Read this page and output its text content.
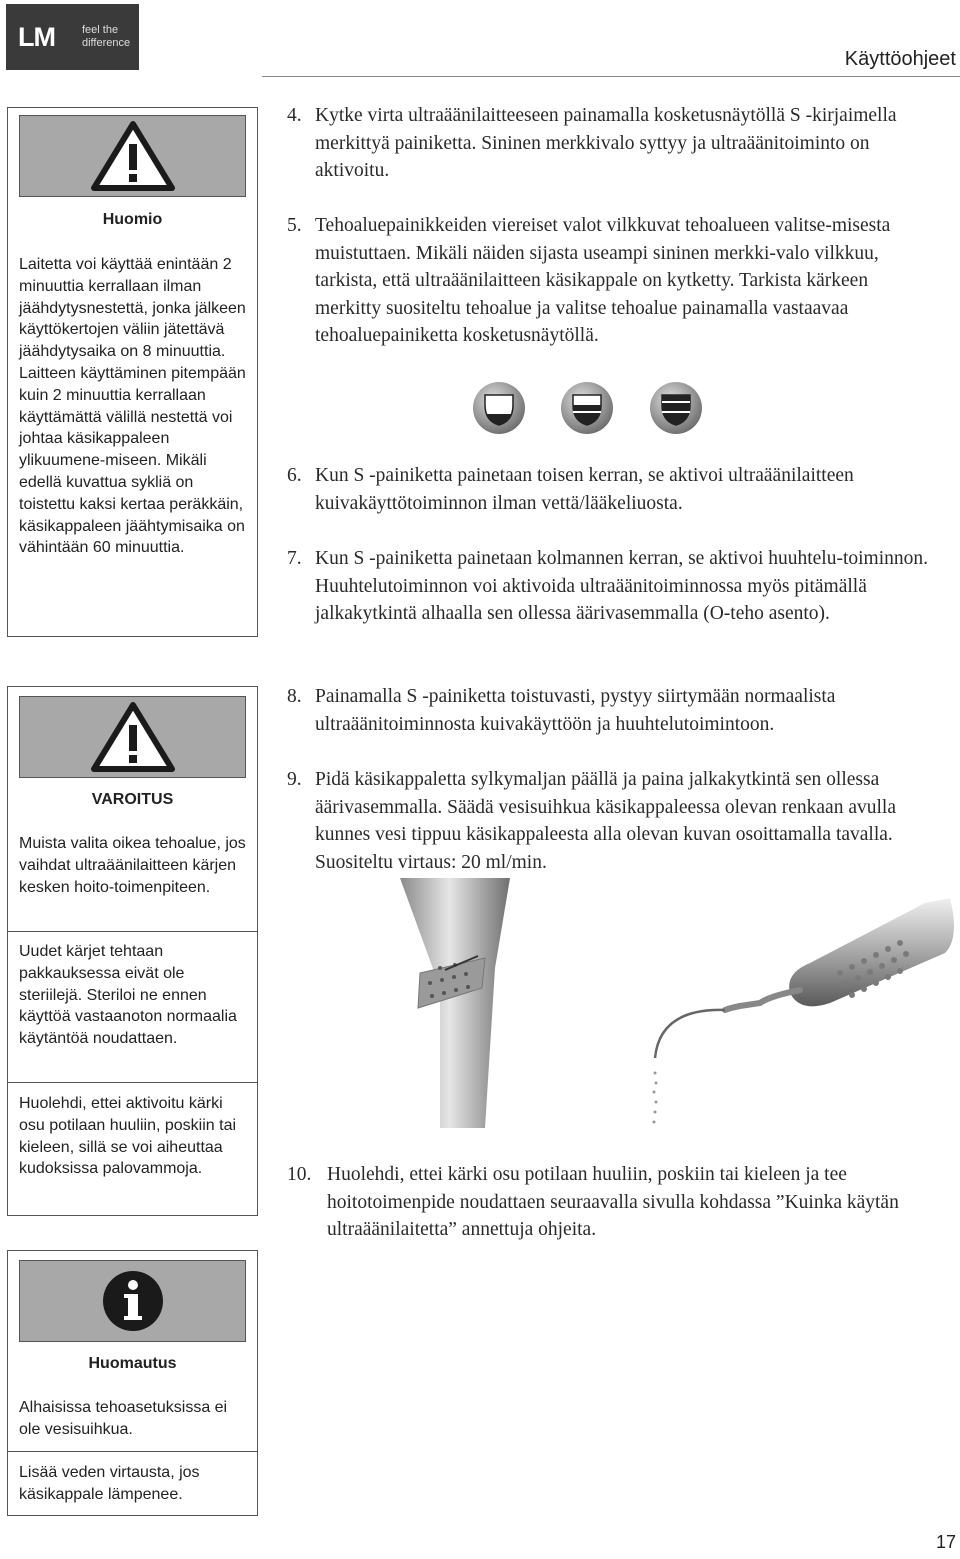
LM	feel the
difference
Käyttöohjeet
Huomio
Laitetta voi käyttää enintään 2 minuuttia kerrallaan ilman jäähdytysnestettä, jonka jälkeen käyttökertojen väliin jätettävä jäähdytysaika on 8 minuuttia. Laitteen käyttäminen pitempään kuin 2 minuuttia kerrallaan käyttämättä välillä nestettä voi johtaa käsikappaleen ylikuumene-miseen. Mikäli edellä kuvattua sykliä on toistettu kaksi kertaa peräkkäin, käsikappaleen jäähtymisaika on vähintään 60 minuuttia.
VAROITUS
Muista valita oikea tehoalue, jos vaihdat ultraäänilaitteen kärjen kesken hoito-toimenpiteen.
Uudet kärjet tehtaan pakkauksessa eivät ole steriilejä. Steriloi ne ennen käyttöä vastaanoton normaalia käytäntöä noudattaen.
Huolehdi, ettei aktivoitu kärki osu potilaan huuliin, poskiin tai kieleen, sillä se voi aiheuttaa kudoksissa palovammoja.
Huomautus
Alhaisissa tehoasetuksissa ei ole vesisuihkua.
Lisää veden virtausta, jos käsikappale lämpenee.
4. Kytke virta ultraäänilaitteeseen painamalla kosketusnäytöllä S -kirjaimella merkittyä painiketta. Sininen merkkivalo syttyy ja ultraäänitoiminto on aktivoitu.
5. Tehoaluepainikkeiden viereiset valot vilkkuvat tehoalueen valitse-misesta muistuttaen. Mikäli näiden sijasta useampi sininen merkki-valo vilkkuu, tarkista, että ultraäänilaitteen käsikappale on kytketty. Tarkista kärkeen merkitty suositeltu tehoalue ja valitse tehoalue painamalla vastaavaa tehoaluepainiketta kosketusnäytöllä.
6. Kun S -painiketta painetaan toisen kerran, se aktivoi ultraäänilaitteen kuivakäyttötoiminnon ilman vettä/lääkeliuosta.
7. Kun S -painiketta painetaan kolmannen kerran, se aktivoi huuhtelu-toiminnon. Huuhtelutoiminnon voi aktivoida ultraäänitoiminnossa myös pitämällä jalkakytkintä alhaalla sen ollessa äärivasemmalla (O-teho asento).
8. Painamalla S -painiketta toistuvasti, pystyy siirtymään normaalista ultraäänitoiminnosta kuivakäyttöön ja huuhtelutoimintoon.
9. Pidä käsikappaletta sylkymaljan päällä ja paina jalkakytkintä sen ollessa äärivasemmalla. Säädä vesisuihkua käsikappaleessa olevan renkaan avulla kunnes vesi tippuu käsikappaleesta alla olevan kuvan osoittamalla tavalla. Suositeltu virtaus: 20 ml/min.
10. Huolehdi, ettei kärki osu potilaan huuliin, poskiin tai kieleen ja tee hoitotoimenpide noudattaen seuraavalla sivulla kohdassa ”Kuinka käytän ultraäänilaitetta” annettuja ohjeita.
17
